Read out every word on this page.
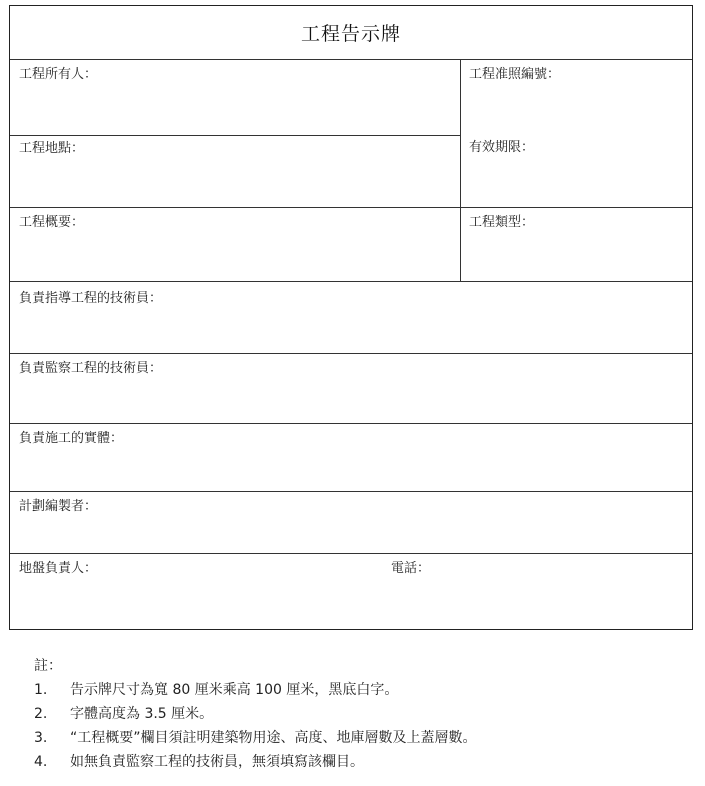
工程告示牌
工程所有人：	工程准照編號：
工程地點：	有效期限：
工程概要：	工程類型：
負責指導工程的技術員：
負責監察工程的技術員：
負責施工的實體：
計劃編製者：
地盤負責人：	電話：
註：
1.	告示牌尺寸為寬 80 厘米乘高 100 厘米，黑底白字。
2.	字體高度為 3.5 厘米。
3.	“工程概要”欄目須註明建築物用途、高度、地庫層數及上蓋層數。
4.	如無負責監察工程的技術員，無須填寫該欄目。
